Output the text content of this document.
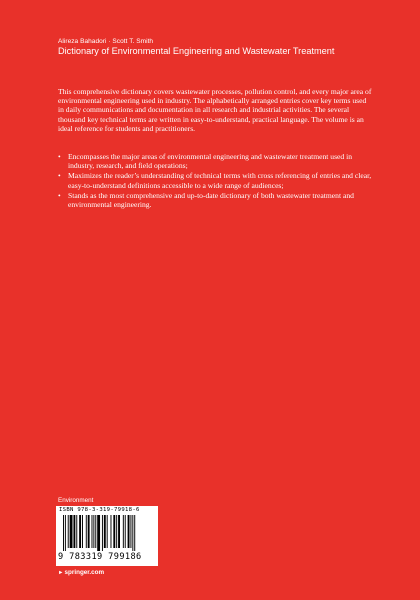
Alireza Bahadori · Scott T. Smith
Dictionary of Environmental Engineering and Wastewater Treatment
This comprehensive dictionary covers wastewater processes, pollution control, and every major area of environmental engineering used in industry. The alphabetically arranged entries cover key terms used in daily communications and documentation in all research and industrial activities. The several thousand key technical terms are written in easy-to-understand, practical language. The volume is an ideal reference for students and practitioners.
• Encompasses the major areas of environmental engineering and wastewater treatment used in industry, research, and field operations;
• Maximizes the reader’s understanding of technical terms with cross referencing of entries and clear, easy-to-understand definitions accessible to a wide range of audiences;
• Stands as the most comprehensive and up-to-date dictionary of both wastewater treatment and environmental engineering.
Environment
ISBN 978-3-319-79918-6
9 783319 799186
►springer.com
